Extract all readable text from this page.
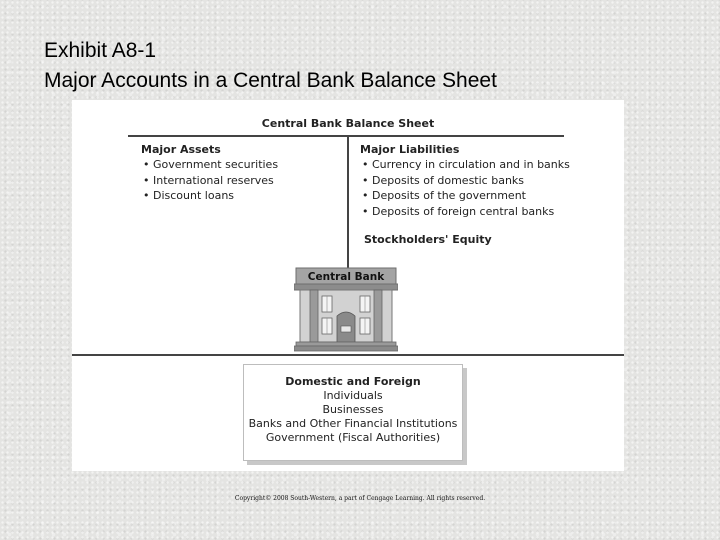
Exhibit A8-1
Major Accounts in a Central Bank Balance Sheet
Central Bank Balance Sheet
Major Assets
• Government securities
• International reserves
• Discount loans
Major Liabilities
• Currency in circulation and in banks
• Deposits of domestic banks
• Deposits of the government
• Deposits of foreign central banks
Stockholders' Equity
Central Bank
Domestic and Foreign
Individuals
Businesses
Banks and Other Financial Institutions
Government (Fiscal Authorities)
Copyright© 2008 South-Western, a part of Cengage Learning. All rights reserved.
